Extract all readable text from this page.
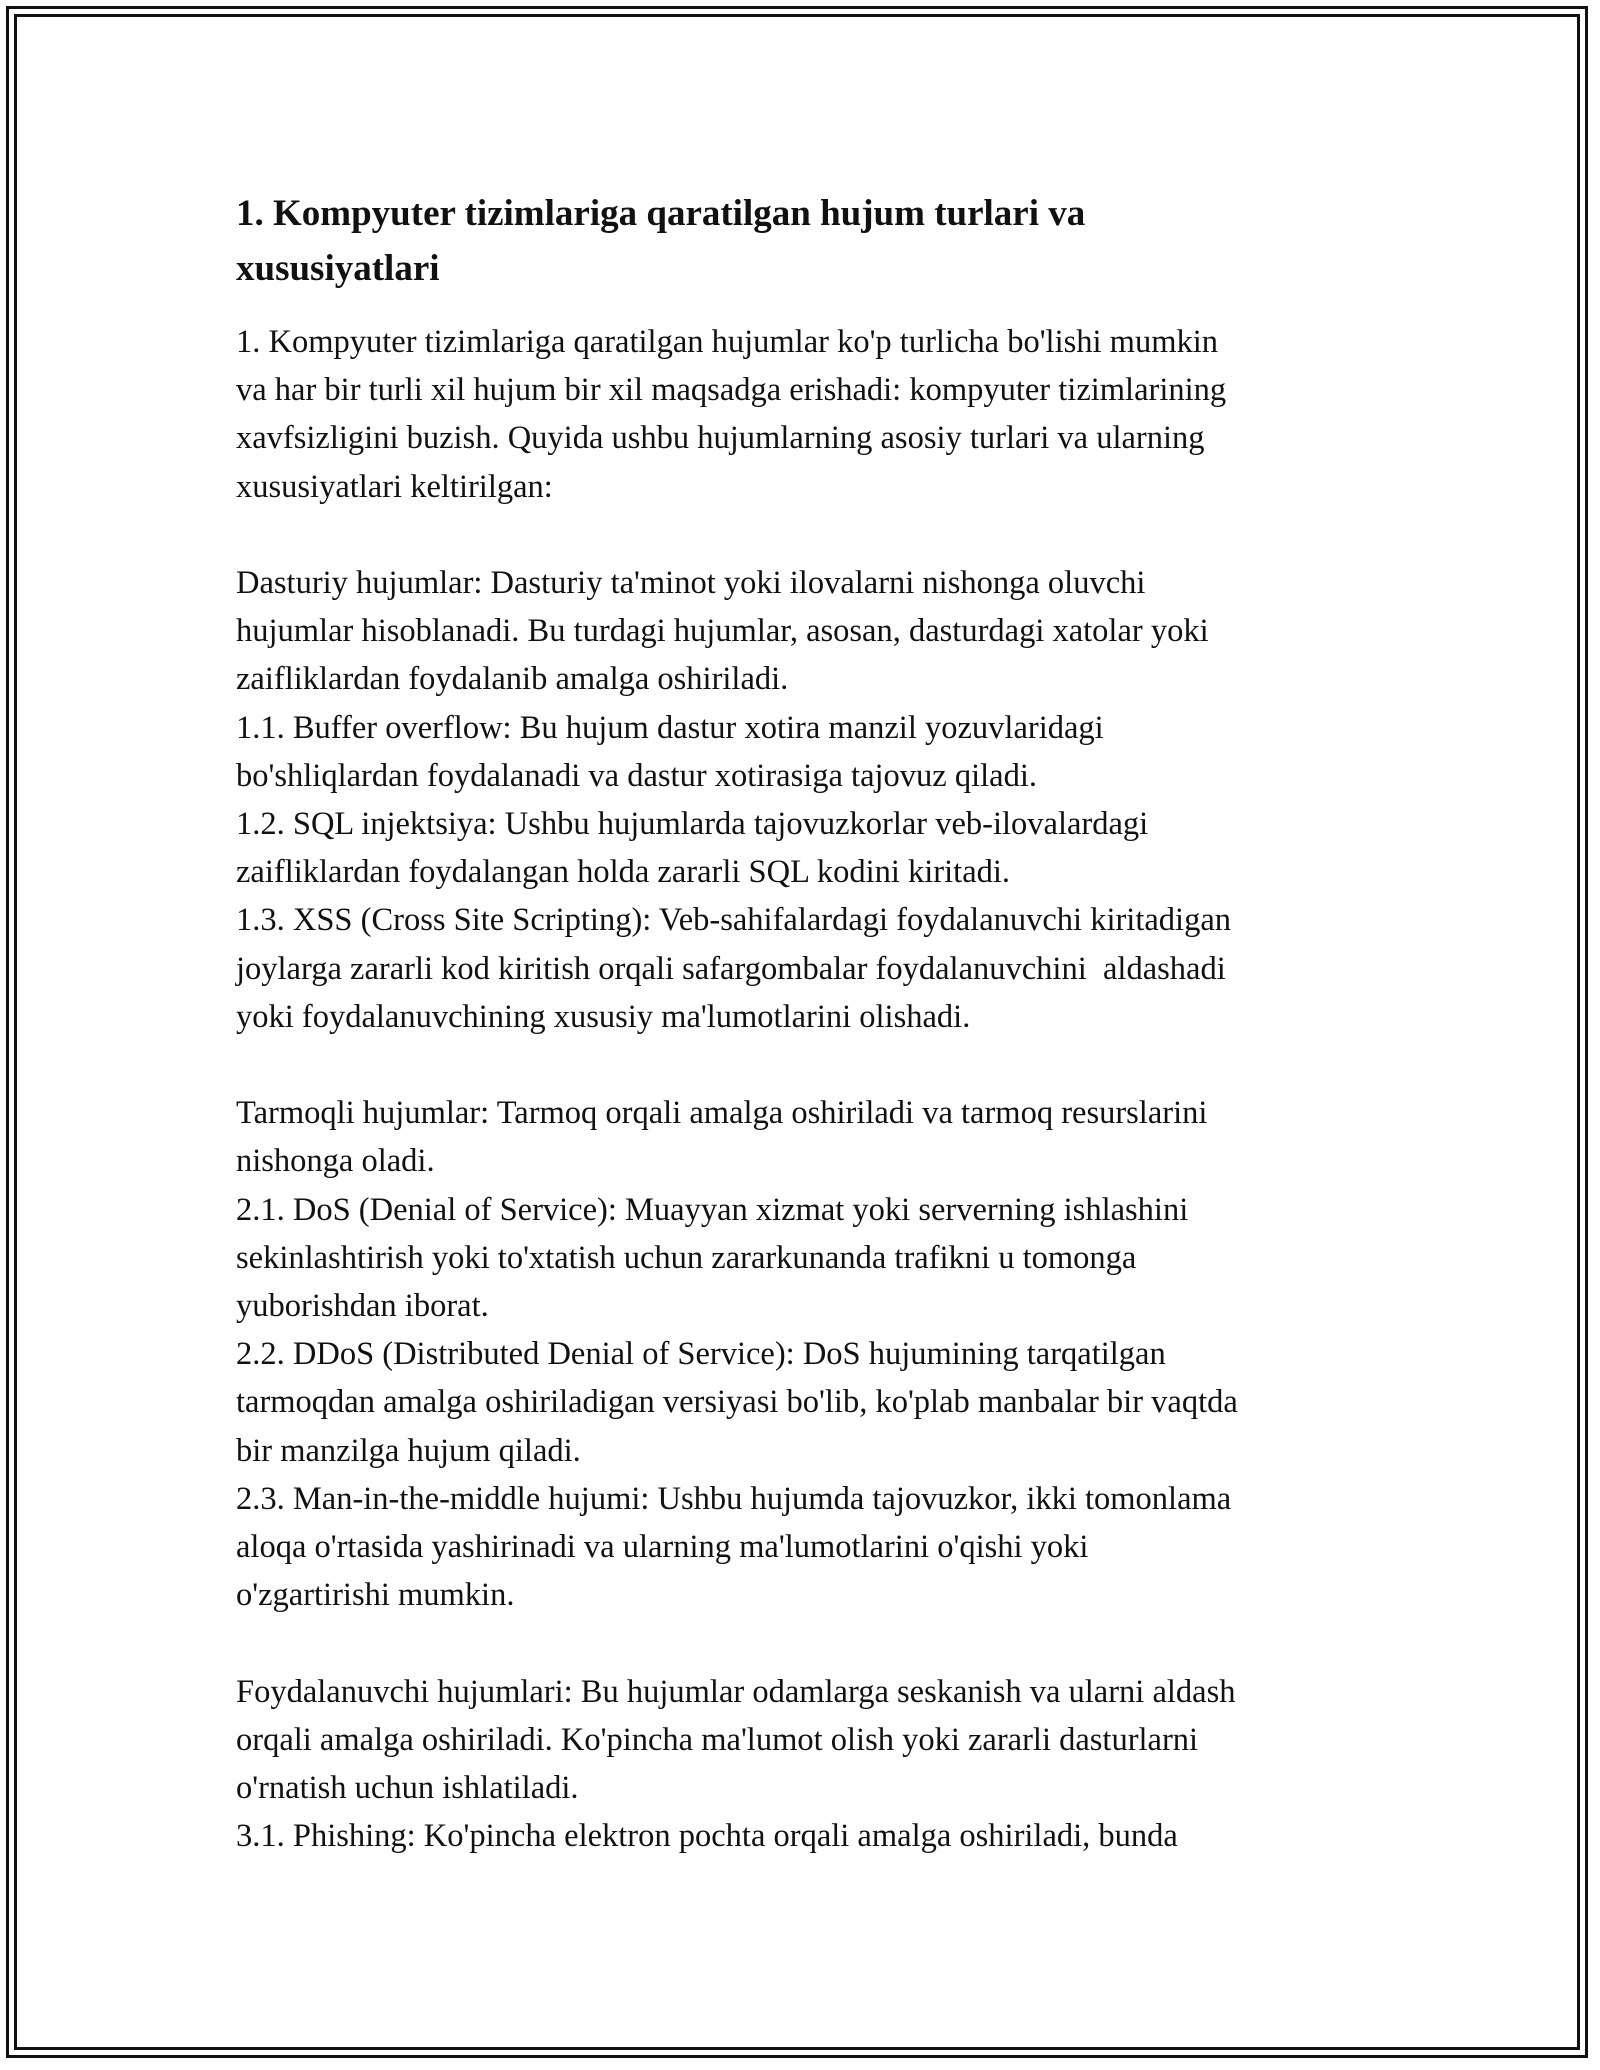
1. Kompyuter tizimlariga qaratilgan hujum turlari va
xususiyatlari
1. Kompyuter tizimlariga qaratilgan hujumlar ko'p turlicha bo'lishi mumkin
va har bir turli xil hujum bir xil maqsadga erishadi: kompyuter tizimlarining
xavfsizligini buzish. Quyida ushbu hujumlarning asosiy turlari va ularning
xususiyatlari keltirilgan:
Dasturiy hujumlar: Dasturiy ta'minot yoki ilovalarni nishonga oluvchi
hujumlar hisoblanadi. Bu turdagi hujumlar, asosan, dasturdagi xatolar yoki
zaifliklardan foydalanib amalga oshiriladi.
1.1. Buffer overflow: Bu hujum dastur xotira manzil yozuvlaridagi
bo'shliqlardan foydalanadi va dastur xotirasiga tajovuz qiladi.
1.2. SQL injektsiya: Ushbu hujumlarda tajovuzkorlar veb-ilovalardagi
zaifliklardan foydalangan holda zararli SQL kodini kiritadi.
1.3. XSS (Cross Site Scripting): Veb-sahifalardagi foydalanuvchi kiritadigan
joylarga zararli kod kiritish orqali safargombalar foydalanuvchini  aldashadi
yoki foydalanuvchining xususiy ma'lumotlarini olishadi.
Tarmoqli hujumlar: Tarmoq orqali amalga oshiriladi va tarmoq resurslarini
nishonga oladi.
2.1. DoS (Denial of Service): Muayyan xizmat yoki serverning ishlashini
sekinlashtirish yoki to'xtatish uchun zararkunanda trafikni u tomonga
yuborishdan iborat.
2.2. DDoS (Distributed Denial of Service): DoS hujumining tarqatilgan
tarmoqdan amalga oshiriladigan versiyasi bo'lib, ko'plab manbalar bir vaqtda
bir manzilga hujum qiladi.
2.3. Man-in-the-middle hujumi: Ushbu hujumda tajovuzkor, ikki tomonlama
aloqa o'rtasida yashirinadi va ularning ma'lumotlarini o'qishi yoki
o'zgartirishi mumkin.
Foydalanuvchi hujumlari: Bu hujumlar odamlarga seskanish va ularni aldash
orqali amalga oshiriladi. Ko'pincha ma'lumot olish yoki zararli dasturlarni
o'rnatish uchun ishlatiladi.
3.1. Phishing: Ko'pincha elektron pochta orqali amalga oshiriladi, bunda
